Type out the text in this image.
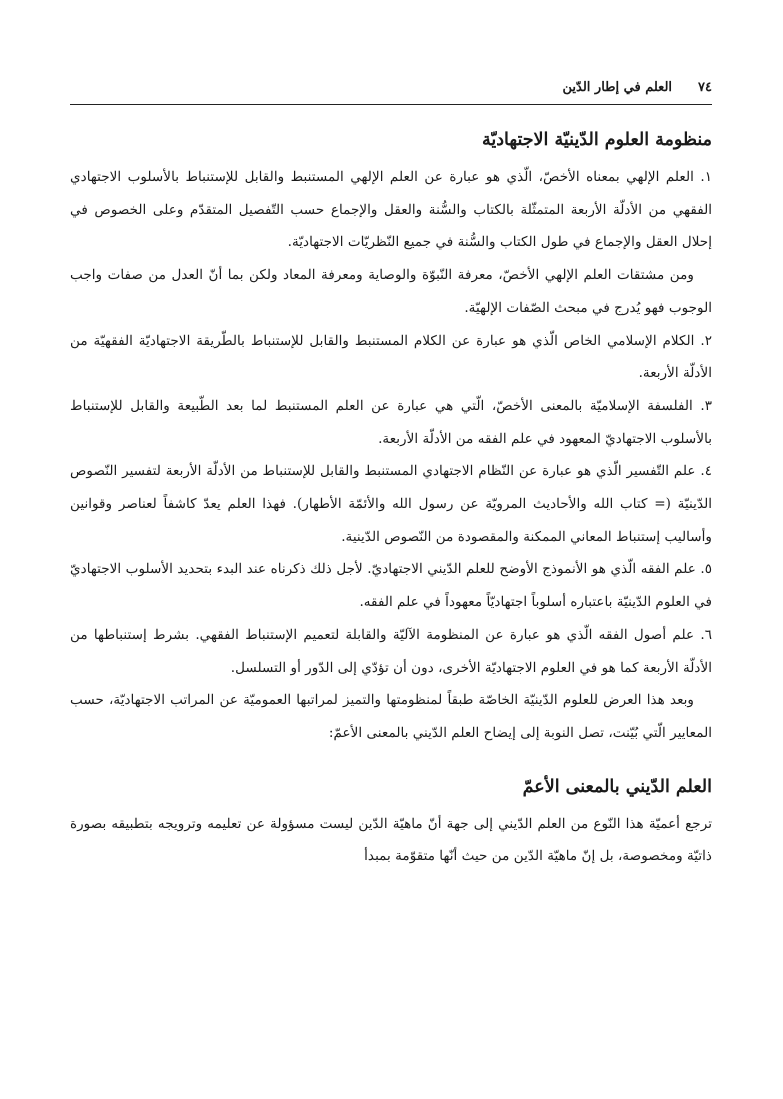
٧٤
العلم في إطار الدّين
منظومة العلوم الدّينيّة الاجتهاديّة

١. العلم الإلهي بمعناه الأخصّ، الّذي هو عبارة عن العلم الإلهي المستنبط والقابل للإستنباط بالأسلوب الاجتهادي الفقهي من الأدلّة الأربعة المتمثّلة بالكتاب والسُّنة والعقل والإجماع حسب التّفصيل المتقدّم وعلى الخصوص في إحلال العقل والإجماع في طول الكتاب والسُّنة في جميع النّظريّات الاجتهاديّة.

ومن مشتقات العلم الإلهي الأخصّ، معرفة النّبوّة والوصاية ومعرفة المعاد ولكن بما أنّ العدل من صفات واجب الوجوب فهو يُدرج في مبحث الصّفات الإلهيّة.

٢. الكلام الإسلامي الخاص الّذي هو عبارة عن الكلام المستنبط والقابل للإستنباط بالطّريقة الاجتهاديّة الفقهيّة من الأدلّة الأربعة.

٣. الفلسفة الإسلاميّة بالمعنى الأخصّ، الّتي هي عبارة عن العلم المستنبط لما بعد الطّبيعة والقابل للإستنباط بالأسلوب الاجتهاديّ المعهود في علم الفقه من الأدلّة الأربعة.

٤. علم التّفسير الّذي هو عبارة عن النّظام الاجتهادي المستنبط والقابل للإستنباط من الأدلّة الأربعة لتفسير النّصوص الدّينيّة (= كتاب الله والأحاديث المرويّة عن رسول الله والأئمّة الأطهار). فهذا العلم يعدّ كاشفاً لعناصر وقوانين وأساليب إستنباط المعاني الممكنة والمقصودة من النّصوص الدّينية.

٥. علم الفقه الّذي هو الأنموذج الأوضح للعلم الدّيني الاجتهاديّ. لأجل ذلك ذكرناه عند البدء بتحديد الأسلوب الاجتهاديّ في العلوم الدّينيّة باعتباره أسلوباً اجتهاديّاً معهوداً في علم الفقه.

٦. علم أصول الفقه الّذي هو عبارة عن المنظومة الآليّة والقابلة لتعميم الإستنباط الفقهي. بشرط إستنباطها من الأدلّة الأربعة كما هو في العلوم الاجتهاديّة الأخرى، دون أن تؤدّي إلى الدّور أو التسلسل.

وبعد هذا العرض للعلوم الدّينيّة الخاصّة طبقاً لمنظومتها والتميز لمراتبها العموميّة عن المراتب الاجتهاديّة، حسب المعايير الّتي بُيّنت، تصل النوبة إلى إيضاح العلم الدّيني بالمعنى الأعمّ:

العلم الدّيني بالمعنى الأعمّ

ترجع أعميّة هذا النّوع من العلم الدّيني إلى جهة أنّ ماهيّة الدّين ليست مسؤولة عن تعليمه وترويجه بتطبيقه بصورة ذاتيّة ومخصوصة، بل إنّ ماهيّة الدّين من حيث أنّها متقوّمة بمبدأ
